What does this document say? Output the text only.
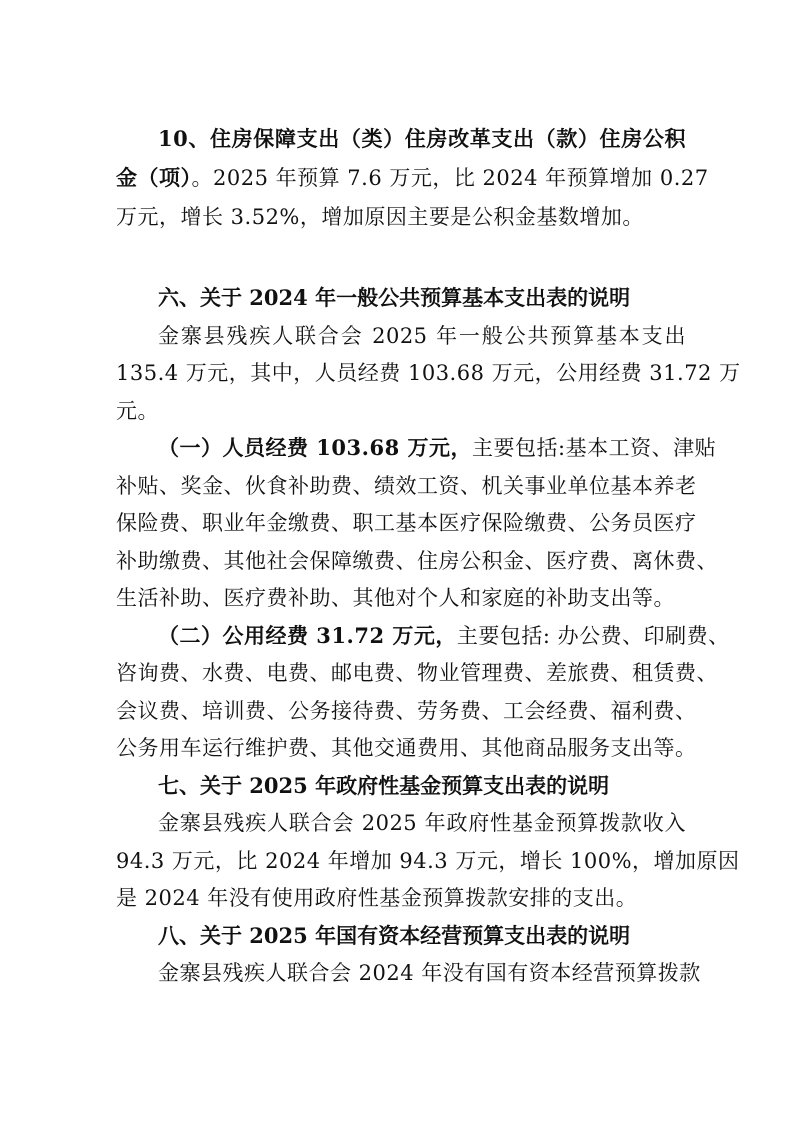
10、住房保障支出（类）住房改革支出（款）住房公积
金（项）。2025 年预算 7.6 万元，比 2024 年预算增加 0.27
万元，增长 3.52%，增加原因主要是公积金基数增加。
六、关于 2024 年一般公共预算基本支出表的说明
金寨县残疾人联合会 2025 年一般公共预算基本支出
135.4 万元，其中，人员经费 103.68 万元，公用经费 31.72 万
元。
（一）人员经费 103.68 万元，主要包括:基本工资、津贴
补贴、奖金、伙食补助费、绩效工资、机关事业单位基本养老
保险费、职业年金缴费、职工基本医疗保险缴费、公务员医疗
补助缴费、其他社会保障缴费、住房公积金、医疗费、离休费、
生活补助、医疗费补助、其他对个人和家庭的补助支出等。
（二）公用经费 31.72 万元，主要包括: 办公费、印刷费、
咨询费、水费、电费、邮电费、物业管理费、差旅费、租赁费、
会议费、培训费、公务接待费、劳务费、工会经费、福利费、
公务用车运行维护费、其他交通费用、其他商品服务支出等。
七、关于 2025 年政府性基金预算支出表的说明
金寨县残疾人联合会 2025 年政府性基金预算拨款收入
94.3 万元，比 2024 年增加 94.3 万元，增长 100%，增加原因
是 2024 年没有使用政府性基金预算拨款安排的支出。
八、关于 2025 年国有资本经营预算支出表的说明
金寨县残疾人联合会 2024 年没有国有资本经营预算拨款
